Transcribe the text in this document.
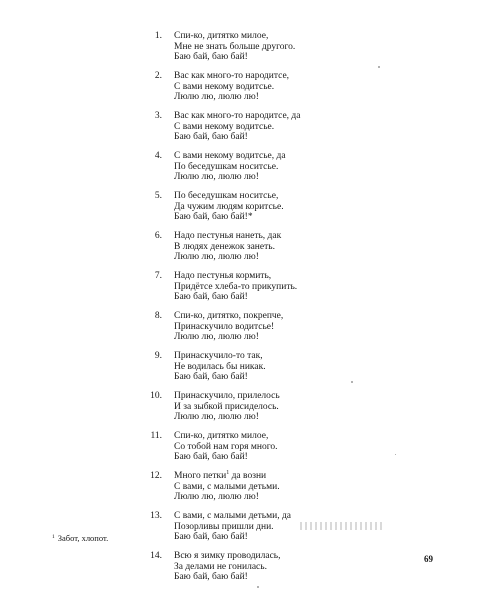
1. Спи-ко, дитятко милое,
Мне не знать больше другого.
Баю бай, баю бай!
2. Вас как много-то народитсе,
С вами некому водитсье.
Люлю лю, люлю лю!
3. Вас как много-то народитсе, да
С вами некому водитсье.
Баю бай, баю бай!
4. С вами некому водитсье, да
По беседушкам носитсье.
Люлю лю, люлю лю!
5. По беседушкам носитсье,
Да чужим людям коритсье.
Баю бай, баю бай!*
6. Надо пестунья нанеть, дак
В людях денежок занеть.
Люлю лю, люлю лю!
7. Надо пестунья кормить,
Придётсе хлеба-то прикупить.
Баю бай, баю бай!
8. Спи-ко, дитятко, покрепче,
Принаскучило водитсье!
Люлю лю, люлю лю!
9. Принаскучило-то так,
Не водилась бы никак.
Баю бай, баю бай!
10. Принаскучило, прилелось
И за зыбкой присиделось.
Люлю лю, люлю лю!
11. Спи-ко, дитятко милое,
Со тобой нам горя много.
Баю бай, баю бай!
12. Много петки$^1$ да возни
С вами, с малыми детьми.
Люлю лю, люлю лю!
13. С вами, с малыми детьми, да
Позорливы пришли дни.
Баю бай, баю бай!
14. Всю я зимку проводилась,
За делами не гонилась.
Баю бай, баю бай!
$^1$ Забот, хлопот.
69
